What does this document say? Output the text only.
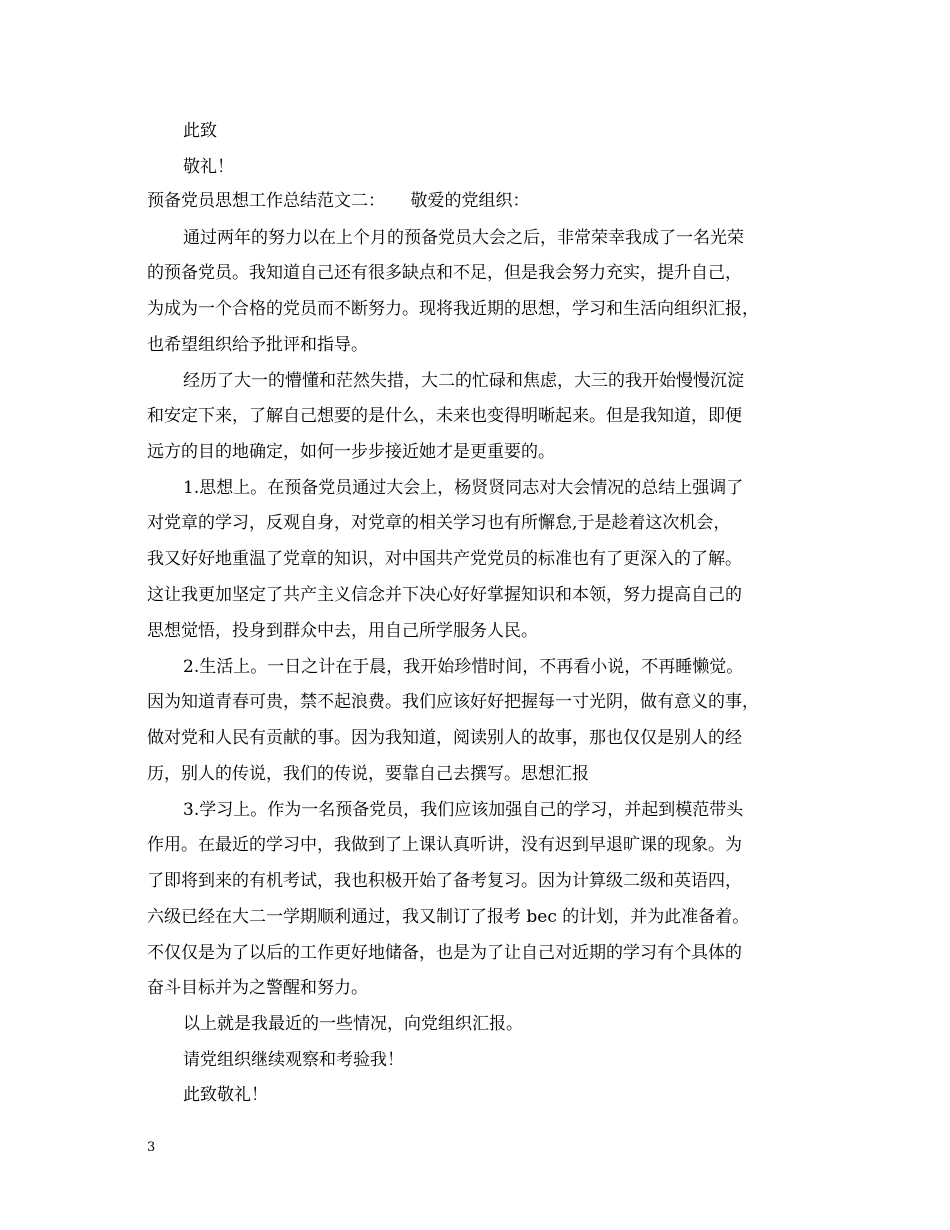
此致

敬礼！

预备党员思想工作总结范文二：　　敬爱的党组织：

通过两年的努力以在上个月的预备党员大会之后，非常荣幸我成了一名光荣

的预备党员。我知道自己还有很多缺点和不足，但是我会努力充实，提升自己，

为成为一个合格的党员而不断努力。现将我近期的思想，学习和生活向组织汇报，

也希望组织给予批评和指导。

经历了大一的懵懂和茫然失措，大二的忙碌和焦虑，大三的我开始慢慢沉淀

和安定下来，了解自己想要的是什么，未来也变得明晰起来。但是我知道，即便

远方的目的地确定，如何一步步接近她才是更重要的。

1.思想上。在预备党员通过大会上，杨贤贤同志对大会情况的总结上强调了

对党章的学习，反观自身，对党章的相关学习也有所懈怠,于是趁着这次机会，

我又好好地重温了党章的知识，对中国共产党党员的标准也有了更深入的了解。

这让我更加坚定了共产主义信念并下决心好好掌握知识和本领，努力提高自己的

思想觉悟，投身到群众中去，用自己所学服务人民。

2.生活上。一日之计在于晨，我开始珍惜时间，不再看小说，不再睡懒觉。

因为知道青春可贵，禁不起浪费。我们应该好好把握每一寸光阴，做有意义的事，

做对党和人民有贡献的事。因为我知道，阅读别人的故事，那也仅仅是别人的经

历，别人的传说，我们的传说，要靠自己去撰写。思想汇报

3.学习上。作为一名预备党员，我们应该加强自己的学习，并起到模范带头

作用。在最近的学习中，我做到了上课认真听讲，没有迟到早退旷课的现象。为

了即将到来的有机考试，我也积极开始了备考复习。因为计算级二级和英语四，

六级已经在大二一学期顺利通过，我又制订了报考 bec 的计划，并为此准备着。

不仅仅是为了以后的工作更好地储备，也是为了让自己对近期的学习有个具体的

奋斗目标并为之警醒和努力。

以上就是我最近的一些情况，向党组织汇报。

请党组织继续观察和考验我！

此致敬礼！

3
